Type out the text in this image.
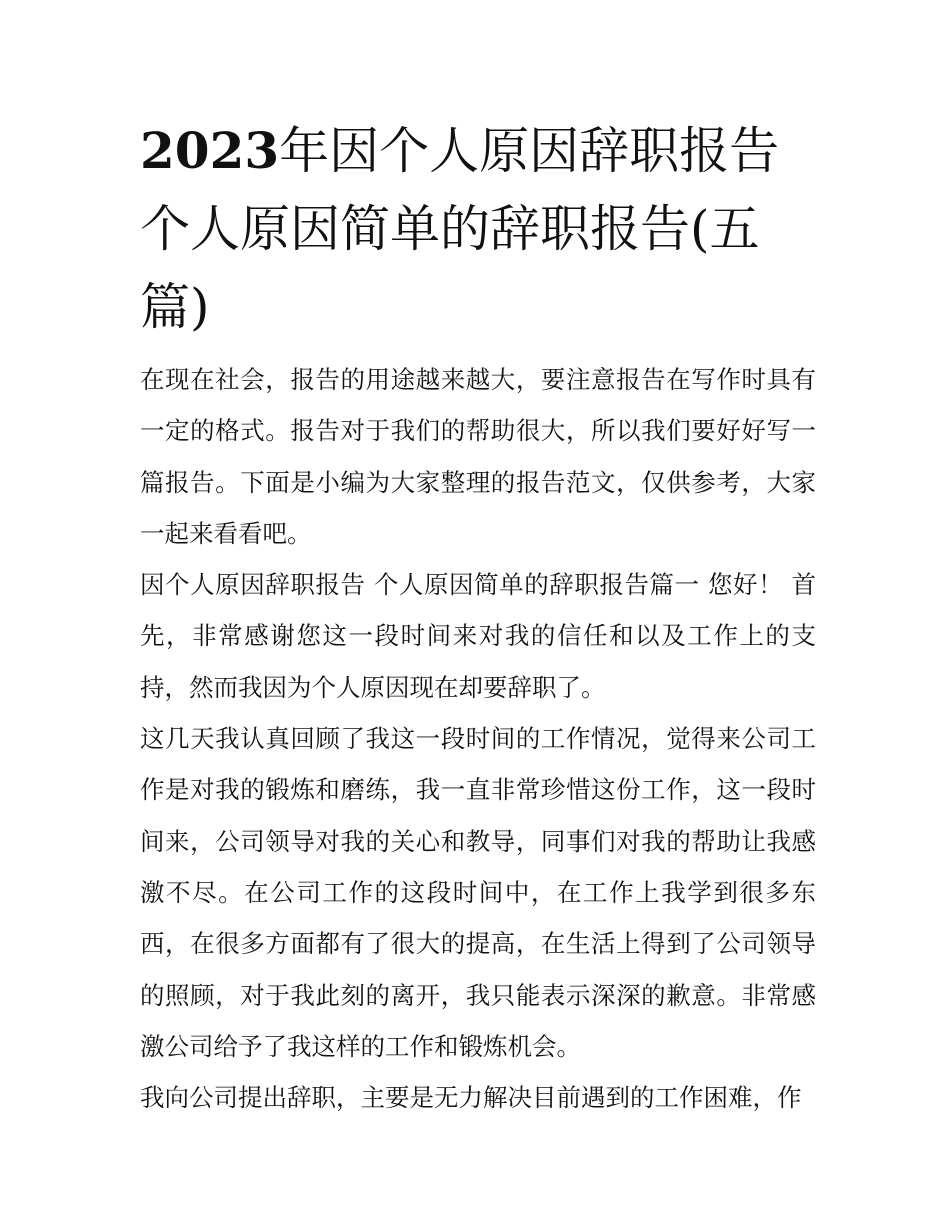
2023年因个人原因辞职报告 个人原因简单的辞职报告(五篇)

在现在社会，报告的用途越来越大，要注意报告在写作时具有一定的格式。报告对于我们的帮助很大，所以我们要好好写一篇报告。下面是小编为大家整理的报告范文，仅供参考，大家一起来看看吧。

因个人原因辞职报告 个人原因简单的辞职报告篇一 您好！ 首先，非常感谢您这一段时间来对我的信任和以及工作上的支持，然而我因为个人原因现在却要辞职了。

这几天我认真回顾了我这一段时间的工作情况，觉得来公司工作是对我的锻炼和磨练，我一直非常珍惜这份工作，这一段时间来，公司领导对我的关心和教导，同事们对我的帮助让我感激不尽。在公司工作的这段时间中，在工作上我学到很多东西，在很多方面都有了很大的提高，在生活上得到了公司领导的照顾，对于我此刻的离开，我只能表示深深的歉意。非常感激公司给予了我这样的工作和锻炼机会。

我向公司提出辞职，主要是无力解决目前遇到的工作困难，作
